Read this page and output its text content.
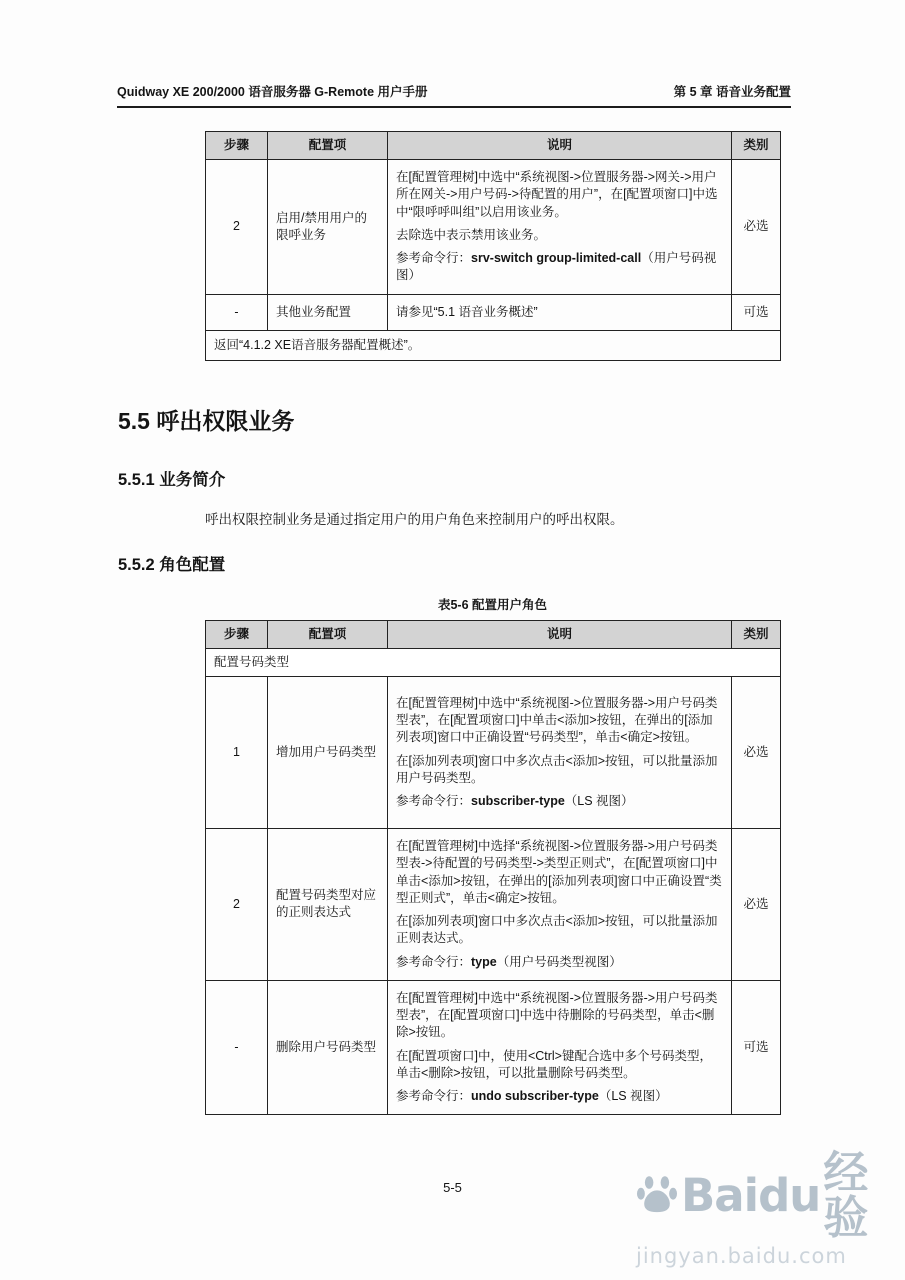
Quidway XE 200/2000 语音服务器 G-Remote 用户手册	第 5 章 语音业务配置
步骤	配置项	说明	类别
2	启用/禁用用户的限呼业务	在[配置管理树]中选中“系统视图->位置服务器->网关->用户所在网关->用户号码->待配置的用户”，在[配置项窗口]中选中“限呼呼叫组”以启用该业务。

去除选中表示禁用该业务。

参考命令行：srv-switch group-limited-call（用户号码视图）	必选
-	其他业务配置	请参见“5.1 语音业务概述”	可选
返回“4.1.2 XE语音服务器配置概述”。			
5.5 呼出权限业务
5.5.1 业务简介

呼出权限控制业务是通过指定用户的用户角色来控制用户的呼出权限。

5.5.2 角色配置
表5-6 配置用户角色
步骤	配置项	说明	类别
配置号码类型			
1	增加用户号码类型	在[配置管理树]中选中“系统视图->位置服务器->用户号码类型表”，在[配置项窗口]中单击<添加>按钮，在弹出的[添加列表项]窗口中正确设置“号码类型”，单击<确定>按钮。

在[添加列表项]窗口中多次点击<添加>按钮，可以批量添加用户号码类型。

参考命令行：subscriber-type（LS 视图）	必选
2	配置号码类型对应的正则表达式	在[配置管理树]中选择“系统视图->位置服务器->用户号码类型表->待配置的号码类型->类型正则式”，在[配置项窗口]中单击<添加>按钮，在弹出的[添加列表项]窗口中正确设置“类型正则式”，单击<确定>按钮。

在[添加列表项]窗口中多次点击<添加>按钮，可以批量添加正则表达式。

参考命令行：type（用户号码类型视图）	必选
-	删除用户号码类型	在[配置管理树]中选中“系统视图->位置服务器->用户号码类型表”，在[配置项窗口]中选中待删除的号码类型，单击<删除>按钮。

在[配置项窗口]中，使用<Ctrl>键配合选中多个号码类型，单击<删除>按钮，可以批量删除号码类型。

参考命令行：undo subscriber-type（LS 视图）	可选
5-5	Baidu 经验
jingyan.baidu.com
